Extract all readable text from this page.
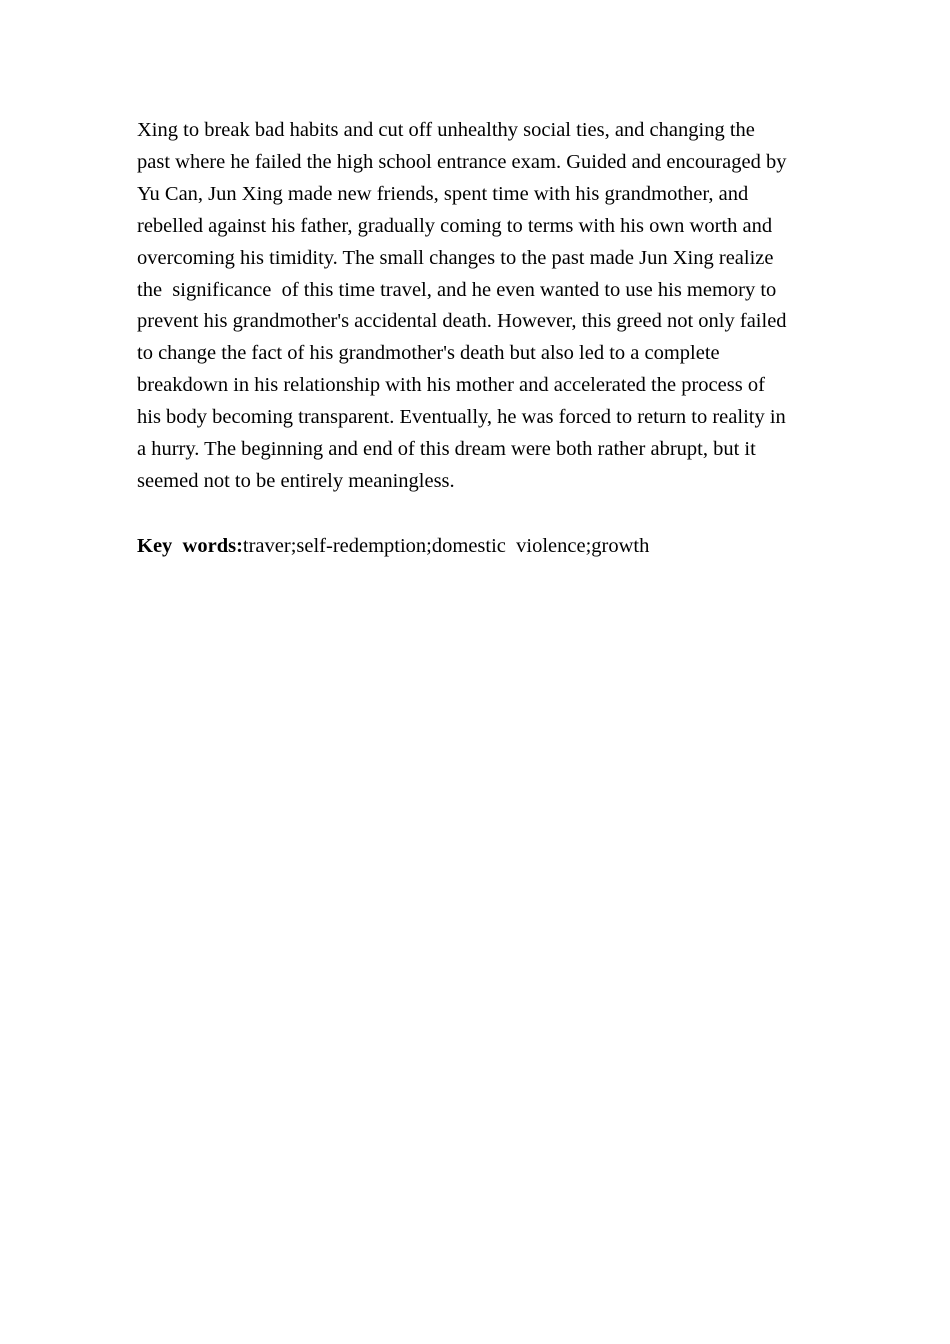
Xing to break bad habits and cut off unhealthy social ties, and changing the
past where he failed the high school entrance exam. Guided and encouraged by
Yu Can, Jun Xing made new friends, spent time with his grandmother, and
rebelled against his father, gradually coming to terms with his own worth and
overcoming his timidity. The small changes to the past made Jun Xing realize
the  significance  of this time travel, and he even wanted to use his memory to
prevent his grandmother's accidental death. However, this greed not only failed
to change the fact of his grandmother's death but also led to a complete
breakdown in his relationship with his mother and accelerated the process of
his body becoming transparent. Eventually, he was forced to return to reality in
a hurry. The beginning and end of this dream were both rather abrupt, but it
seemed not to be entirely meaningless.
Key  words:traver;self-redemption;domestic  violence;growth
